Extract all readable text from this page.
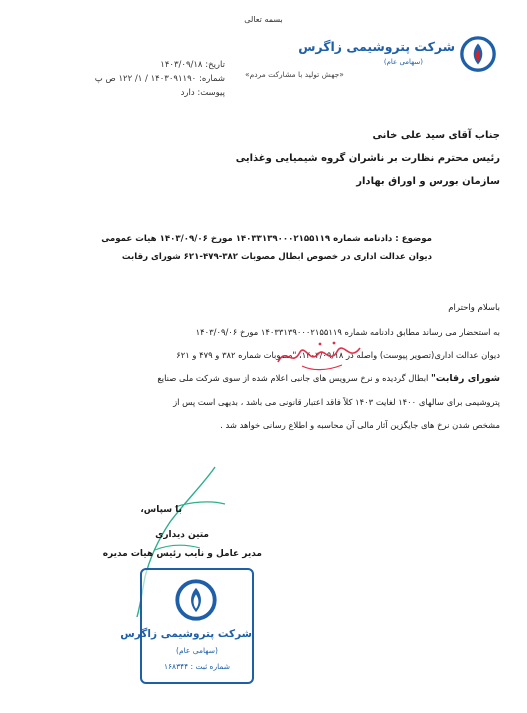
بسمه تعالی
شرکت پتروشیمی زاگرس
(سهامی عام)
تاریخ: ۱۴۰۳/۰۹/۱۸
شماره: ۱۴۰۳۰۹۱۱۹۰ / ۱/ ۱۲۲ ص پ
پیوست: دارد
«جهش تولید با مشارکت مردم»
جناب آقای سید علی خانی
رئیس محترم نظارت بر ناشران گروه شیمیایی وغذایی
سازمان بورس و اوراق بهادار
موضوع : دادنامه شماره ۱۴۰۳۳۱۳۹۰۰۰۲۱۵۵۱۱۹ مورخ ۱۴۰۳/۰۹/۰۶ هیات عمومی
دیوان عدالت اداری در خصوص ابطال مصوبات ۳۸۲-۴۷۹-۶۲۱ شورای رقابت
باسلام واحترام

به استحضار می رساند مطابق دادنامه شماره ۱۴۰۳۳۱۳۹۰۰۰۲۱۵۵۱۱۹ مورخ ۱۴۰۳/۰۹/۰۶

دیوان عدالت اداری(تصویر پیوست) واصله در ۱۴۰۳/۰۹/۱۸، "مصوبات شماره ۳۸۲ و ۴۷۹ و ۶۲۱

شورای رقابت" ابطال گردیده و نرخ سرویس های جانبی اعلام شده از سوی شرکت ملی صنایع

پتروشیمی برای سالهای ۱۴۰۰ لغایت ۱۴۰۳ کلاً فاقد اعتبار قانونی می باشد ، بدیهی است پس از

مشخص شدن نرخ های جایگزین آثار مالی آن محاسبه و اطلاع رسانی خواهد شد .

با سپاس،
متین دیداری
مدیر عامل و نایب رئیس هیات مدیره
شرکت پتروشیمی زاگرس
(سهامی عام)
شماره ثبت : ۱۶۸۳۴۴
